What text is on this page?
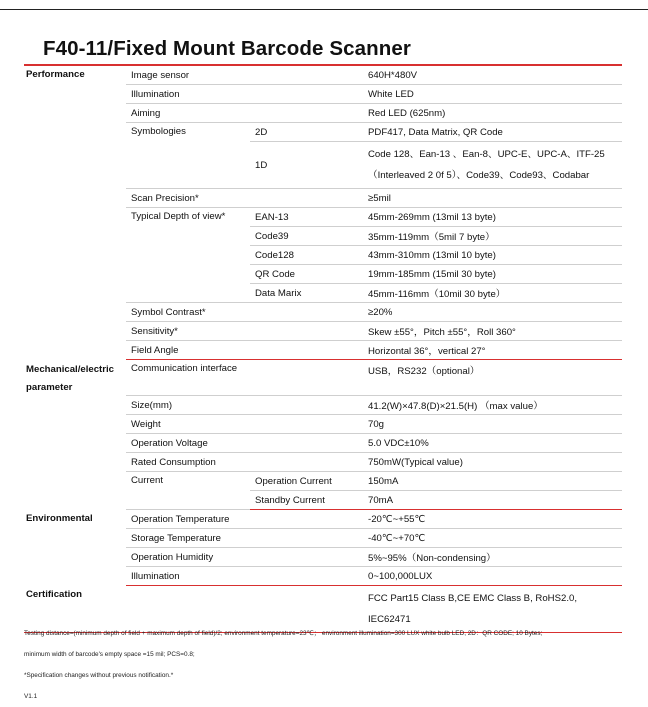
F40-11/Fixed Mount Barcode Scanner
Performance	Image sensor		640H*480V
	Illumination		White LED
	Aiming		Red LED (625nm)
	Symbologies	2D	PDF417, Data Matrix, QR Code
		1D	Code 128、Ean-13 、Ean-8、UPC-E、UPC-A、ITF-25 （Interleaved 2 0f 5）、Code39、Code93、Codabar
	Scan Precision*		≥5mil
	Typical Depth of view*	EAN-13	45mm-269mm (13mil 13 byte)
		Code39	35mm-119mm（5mil 7 byte）
		Code128	43mm-310mm (13mil 10 byte)
		QR Code	19mm-185mm (15mil 30 byte)
		Data Marix	45mm-116mm（10mil 30 byte）
	Symbol Contrast*		≥20%
	Sensitivity*		Skew ±55°，Pitch ±55°，Roll 360°
	Field Angle		Horizontal 36°，vertical 27°
Mechanical/electric parameter	Communication interface		USB，RS232（optional）
	Size(mm)		41.2(W)×47.8(D)×21.5(H) （max value）
	Weight		70g
	Operation Voltage		5.0 VDC±10%
	Rated Consumption		750mW(Typical value)
	Current	Operation Current	150mA
		Standby Current	70mA
Environmental	Operation Temperature		-20℃~+55℃
	Storage Temperature		-40℃~+70℃
	Operation Humidity		5%~95%（Non-condensing）
	Illumination		0~100,000LUX
Certification			FCC Part15 Class B,CE EMC Class B, RoHS2.0, IEC62471
Testing distance=(minimum depth of field + maximum depth of field)/2; environment temperature=23℃； environment illumination=300 LUX white bulb LED, 2D：QR CODE; 10 Bytes;
minimum width of barcode's empty space =15 mil; PCS=0.8;
*Specification changes without previous notification.*
V1.1
